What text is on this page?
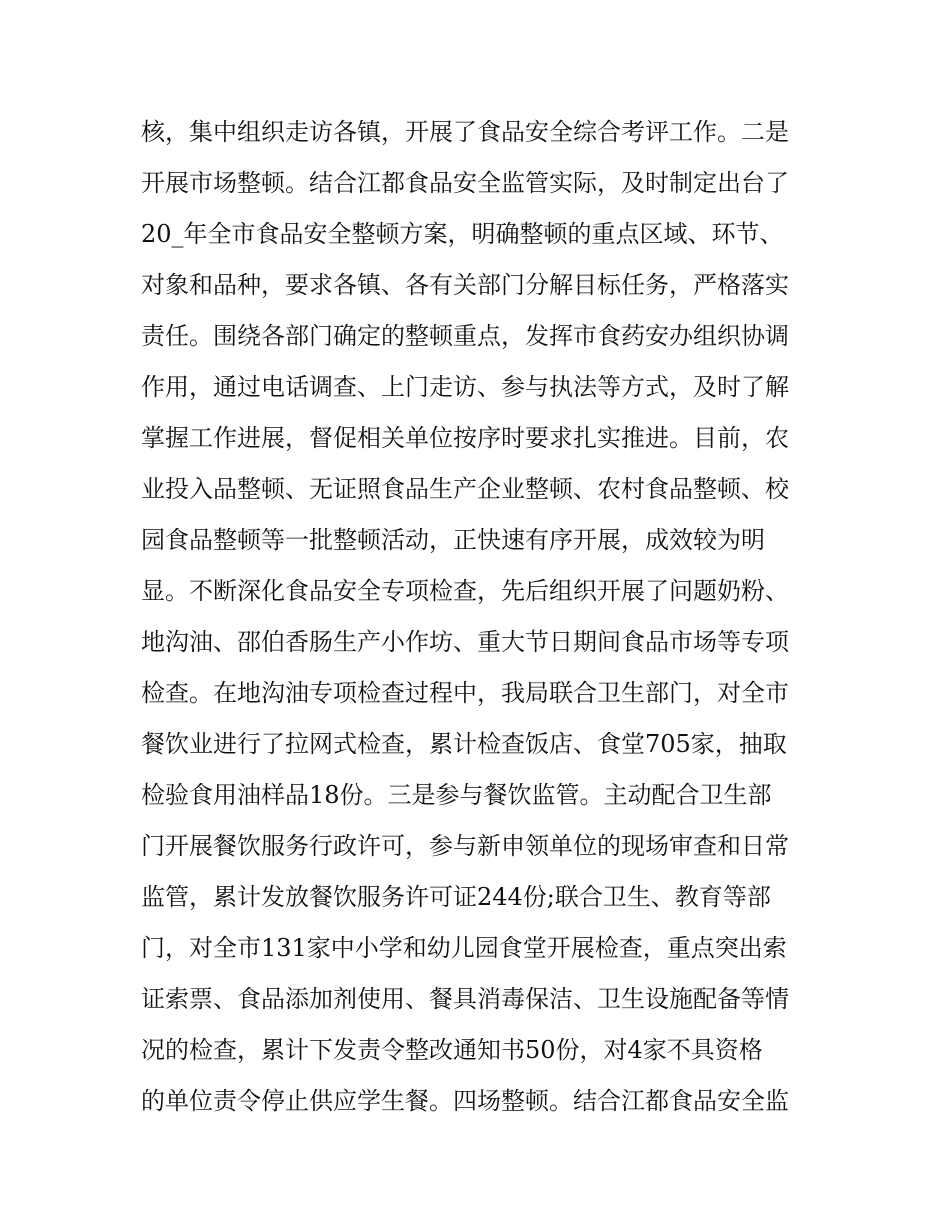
核，集中组织走访各镇，开展了食品安全综合考评工作。二是
开展市场整顿。结合江都食品安全监管实际，及时制定出台了
20_年全市食品安全整顿方案，明确整顿的重点区域、环节、
对象和品种，要求各镇、各有关部门分解目标任务，严格落实
责任。围绕各部门确定的整顿重点，发挥市食药安办组织协调
作用，通过电话调查、上门走访、参与执法等方式，及时了解
掌握工作进展，督促相关单位按序时要求扎实推进。目前，农
业投入品整顿、无证照食品生产企业整顿、农村食品整顿、校
园食品整顿等一批整顿活动，正快速有序开展，成效较为明
显。不断深化食品安全专项检查，先后组织开展了问题奶粉、
地沟油、邵伯香肠生产小作坊、重大节日期间食品市场等专项
检查。在地沟油专项检查过程中，我局联合卫生部门，对全市
餐饮业进行了拉网式检查，累计检查饭店、食堂705家，抽取
检验食用油样品18份。三是参与餐饮监管。主动配合卫生部
门开展餐饮服务行政许可，参与新申领单位的现场审查和日常
监管，累计发放餐饮服务许可证244份;联合卫生、教育等部
门，对全市131家中小学和幼儿园食堂开展检查，重点突出索
证索票、食品添加剂使用、餐具消毒保洁、卫生设施配备等情
况的检查，累计下发责令整改通知书50份，对4家不具资格
的单位责令停止供应学生餐。四场整顿。结合江都食品安全监
